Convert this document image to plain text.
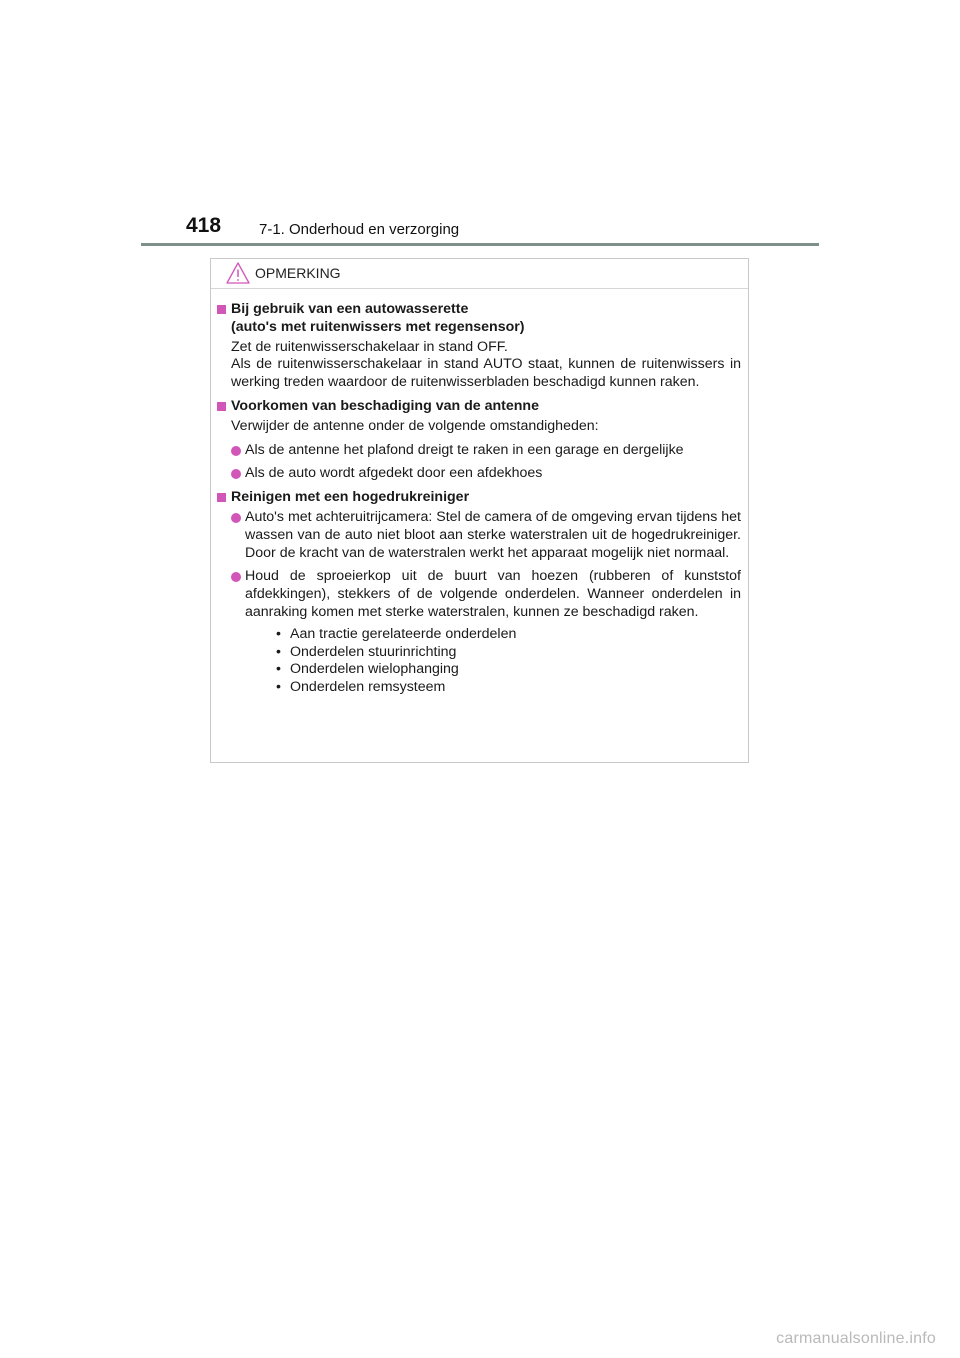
418	7-1. Onderhoud en verzorging
OPMERKING
Bij gebruik van een autowasserette
(auto's met ruitenwissers met regensensor)
Zet de ruitenwisserschakelaar in stand OFF.
Als de ruitenwisserschakelaar in stand AUTO staat, kunnen de ruitenwissers in werking treden waardoor de ruitenwisserbladen beschadigd kunnen raken.
Voorkomen van beschadiging van de antenne
Verwijder de antenne onder de volgende omstandigheden:
Als de antenne het plafond dreigt te raken in een garage en dergelijke
Als de auto wordt afgedekt door een afdekhoes
Reinigen met een hogedrukreiniger
Auto's met achteruitrijcamera: Stel de camera of de omgeving ervan tijdens het wassen van de auto niet bloot aan sterke waterstralen uit de hogedrukreiniger. Door de kracht van de waterstralen werkt het apparaat mogelijk niet normaal.
Houd de sproeierkop uit de buurt van hoezen (rubberen of kunststof afdekkingen), stekkers of de volgende onderdelen. Wanneer onderdelen in aanraking komen met sterke waterstralen, kunnen ze beschadigd raken.
• Aan tractie gerelateerde onderdelen
• Onderdelen stuurinrichting
• Onderdelen wielophanging
• Onderdelen remsysteem
carmanualsonline.info
